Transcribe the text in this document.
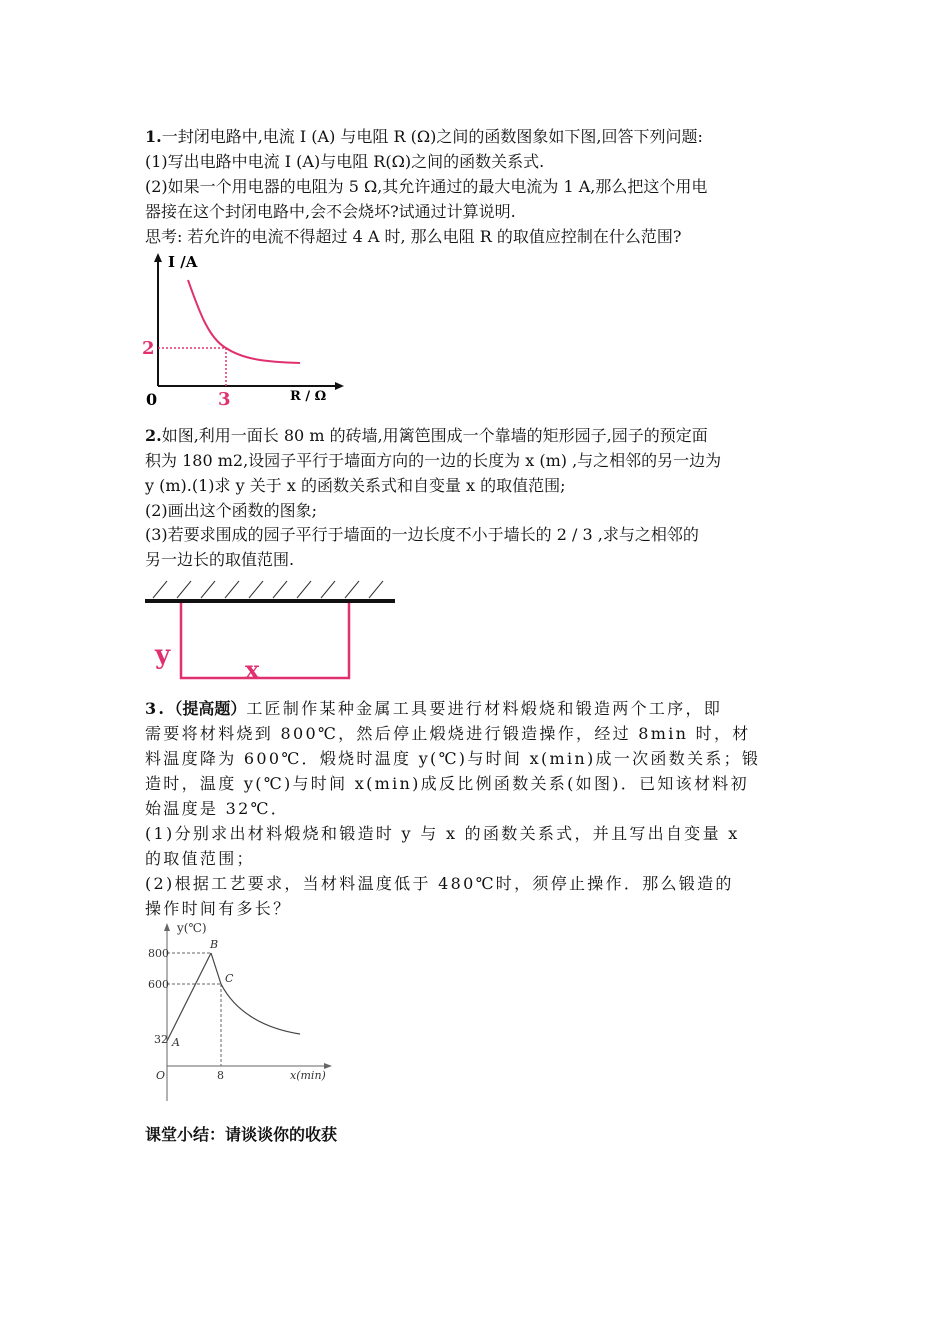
1.一封闭电路中,电流 I (A) 与电阻 R (Ω)之间的函数图象如下图,回答下列问题:
(1)写出电路中电流 I (A)与电阻 R(Ω)之间的函数关系式.
(2)如果一个用电器的电阻为 5 Ω,其允许通过的最大电流为 1 A,那么把这个用电
器接在这个封闭电路中,会不会烧坏?试通过计算说明.
思考: 若允许的电流不得超过 4 A 时, 那么电阻 R 的取值应控制在什么范围?
I /A
R / Ω
0
2
3
2.如图,利用一面长 80 m 的砖墙,用篱笆围成一个靠墙的矩形园子,园子的预定面
积为 180 m2,设园子平行于墙面方向的一边的长度为 x (m) ,与之相邻的另一边为
y (m).(1)求 y 关于 x 的函数关系式和自变量 x 的取值范围;
(2)画出这个函数的图象;
(3)若要求围成的园子平行于墙面的一边长度不小于墙长的 2 / 3 ,求与之相邻的
另一边长的取值范围.
y	x
3.（提高题）工匠制作某种金属工具要进行材料煅烧和锻造两个工序，即
需要将材料烧到 800℃，然后停止煅烧进行锻造操作，经过 8min 时，材
料温度降为 600℃．煅烧时温度 y(℃)与时间 x(min)成一次函数关系；锻
造时，温度 y(℃)与时间 x(min)成反比例函数关系(如图)．已知该材料初
始温度是 32℃．
(1)分别求出材料煅烧和锻造时 y 与 x 的函数关系式，并且写出自变量 x
的取值范围；
(2)根据工艺要求，当材料温度低于 480℃时，须停止操作．那么锻造的
操作时间有多长？
y(℃)
x(min)
O
800
600
32
8
A
B
C
课堂小结：请谈谈你的收获
